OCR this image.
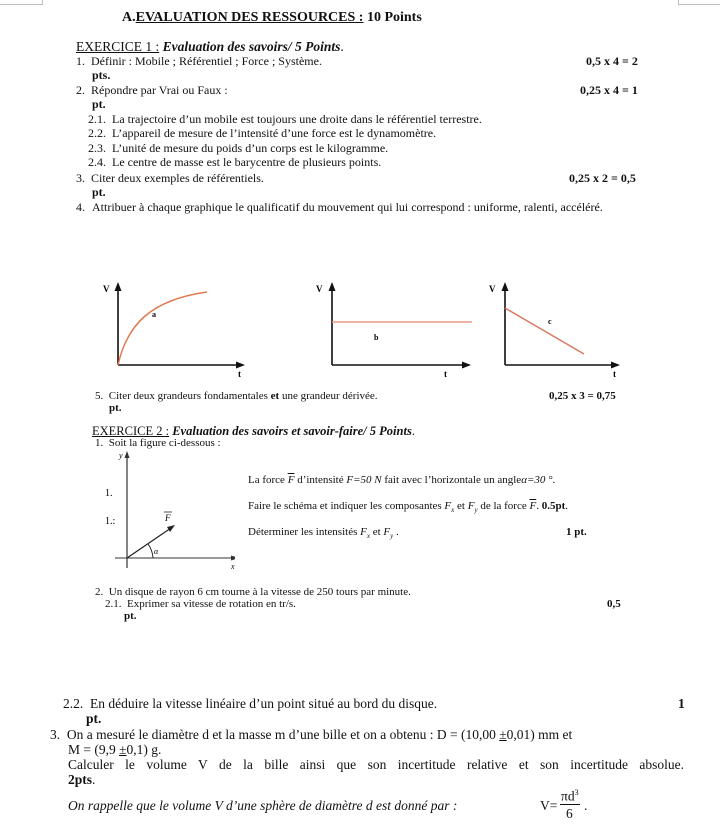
A.EVALUATION DES RESSOURCES : 10 Points
EXERCICE 1 : Evaluation des savoirs/ 5 Points.
1. Définir : Mobile ; Référentiel ; Force ; Système.	0,5 x 4 = 2
pts.
2. Répondre par Vrai ou Faux :	0,25 x 4 = 1
pt.
2.1. La trajectoire d’un mobile est toujours une droite dans le référentiel terrestre.
2.2. L’appareil de mesure de l’intensité d’une force est le dynamomètre.
2.3. L’unité de mesure du poids d’un corps est le kilogramme.
2.4. Le centre de masse est le barycentre de plusieurs points.
3. Citer deux exemples de référentiels.	0,25 x 2 = 0,5
pt.
4. Attribuer à chaque graphique le qualificatif du mouvement qui lui correspond : uniforme, ralenti, accéléré.
V
t
a
V
t
b
V
t
c
5. Citer deux grandeurs fondamentales et une grandeur dérivée.	0,25 x 3 = 0,75
pt.
EXERCICE 2 : Evaluation des savoirs et savoir-faire/ 5 Points.
1. Soit la figure ci-dessous :
y
x
F
α
1.
1.:
La force $\overline{F}$ d’intensité F=50 N fait avec l’horizontale un angleα=30 °.
Faire le schéma et indiquer les composantes $F_x$ et $F_y$ de la force $\overline{F}$. 0.5pt.
Déterminer les intensités $F_x$ et $F_y$ .	1 pt.
2. Un disque de rayon 6 cm tourne à la vitesse de 250 tours par minute.
2.1. Exprimer sa vitesse de rotation en tr/s.	0,5
pt.
2.2. En déduire la vitesse linéaire d’un point situé au bord du disque.	1
pt.
3. On a mesuré le diamètre d et la masse m d’une bille et on a obtenu : D = (10,00 ±0,01) mm et
M = (9,9 ±0,1) g.
Calculer le volume V de la bille ainsi que son incertitude relative et son incertitude absolue.
2pts.
On rappelle que le volume V d’une sphère de diamètre d est donné par :	V=
$\pi d^3$
6
.
